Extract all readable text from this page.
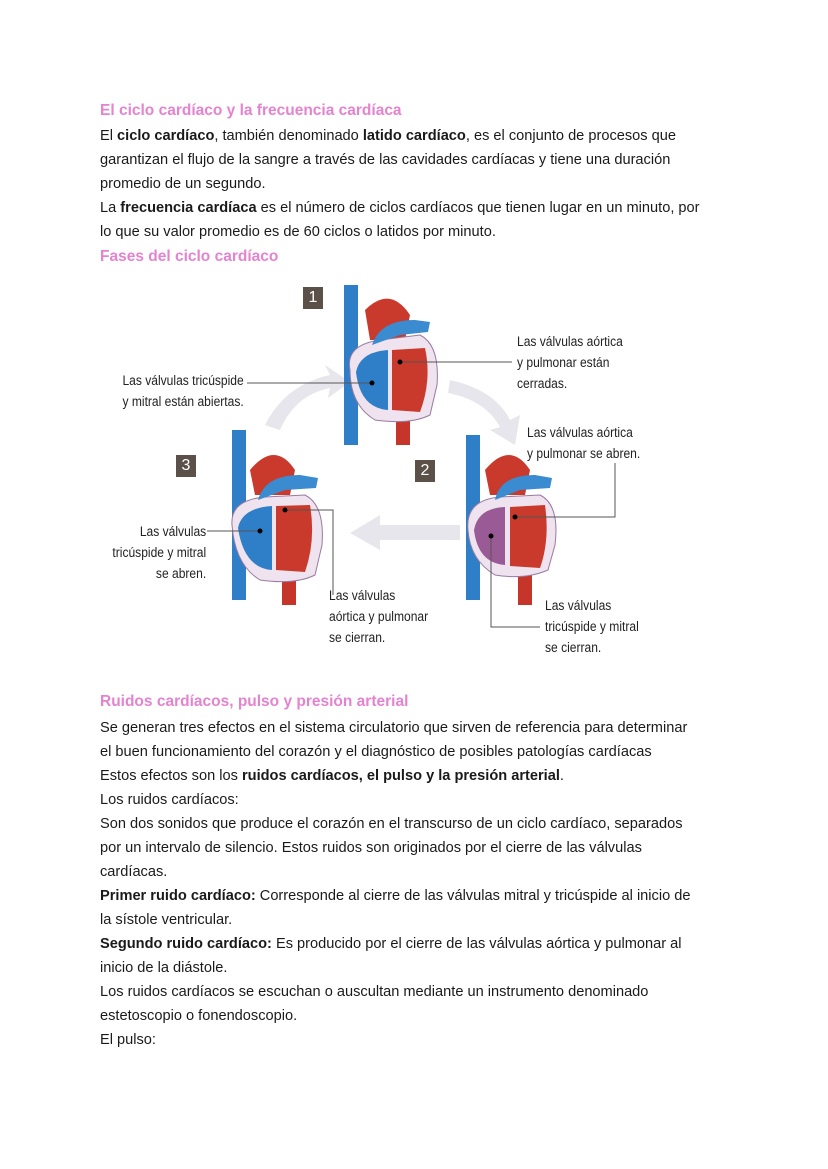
El ciclo cardíaco y la frecuencia cardíaca
El ciclo cardíaco, también denominado latido cardíaco, es el conjunto de procesos que
garantizan el flujo de la sangre a través de las cavidades cardíacas y tiene una duración
promedio de un segundo.
La frecuencia cardíaca es el número de ciclos cardíacos que tienen lugar en un minuto, por
lo que su valor promedio es de 60 ciclos o latidos por minuto.
Fases del ciclo cardíaco
1
2
3
Las válvulas tricúspide
y mitral están abiertas.
Las válvulas aórtica
y pulmonar están
cerradas.
Las válvulas aórtica
y pulmonar se abren.
Las válvulas
tricúspide y mitral
se cierran.
Las válvulas
tricúspide y mitral
se abren.
Las válvulas
aórtica y pulmonar
se cierran.
Ruidos cardíacos, pulso y presión arterial
Se generan tres efectos en el sistema circulatorio que sirven de referencia para determinar
el buen funcionamiento del corazón y el diagnóstico de posibles patologías cardíacas
Estos efectos son los ruidos cardíacos, el pulso y la presión arterial.
Los ruidos cardíacos:
Son dos sonidos que produce el corazón en el transcurso de un ciclo cardíaco, separados
por un intervalo de silencio. Estos ruidos son originados por el cierre de las válvulas
cardíacas.
Primer ruido cardíaco: Corresponde al cierre de las válvulas mitral y tricúspide al inicio de
la sístole ventricular.
Segundo ruido cardíaco: Es producido por el cierre de las válvulas aórtica y pulmonar al
inicio de la diástole.
Los ruidos cardíacos se escuchan o auscultan mediante un instrumento denominado
estetoscopio o fonendoscopio.
El pulso:
